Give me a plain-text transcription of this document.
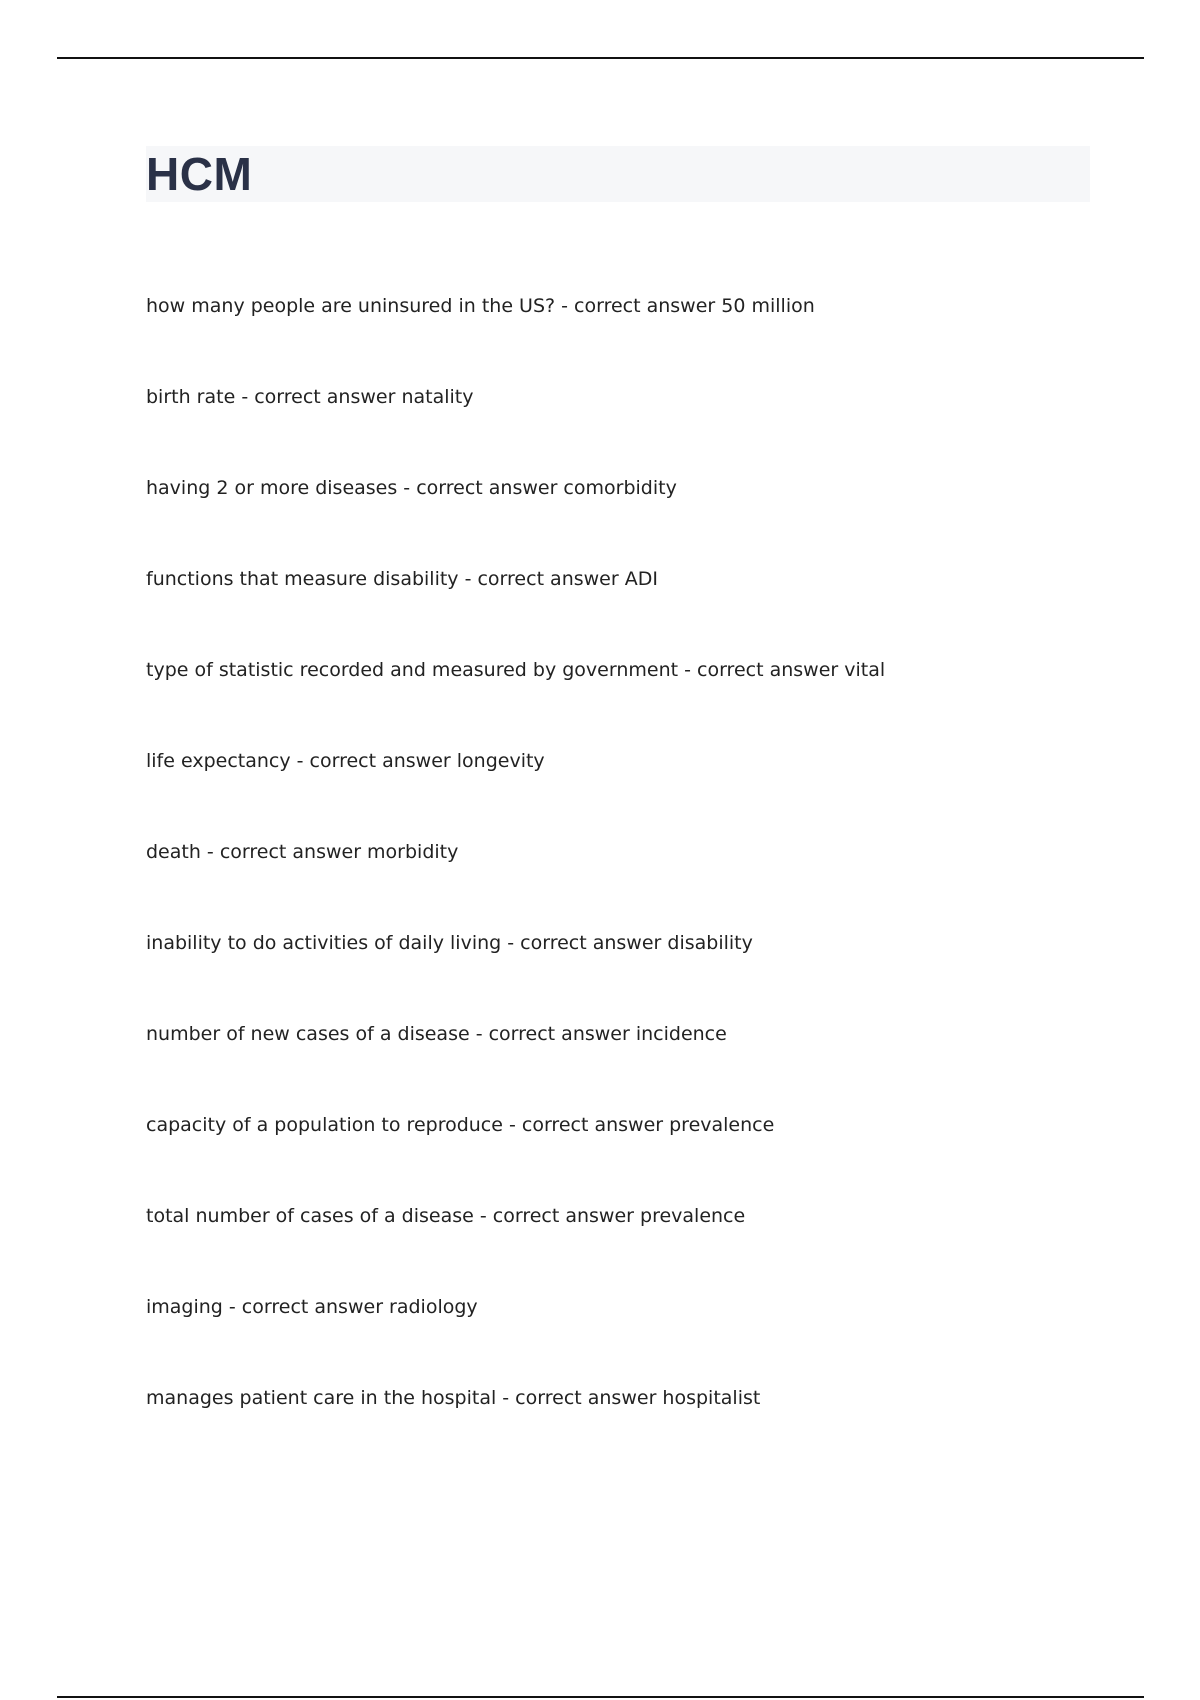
HCM
how many people are uninsured in the US? - correct answer 50 million
birth rate - correct answer natality
having 2 or more diseases - correct answer comorbidity
functions that measure disability - correct answer ADI
type of statistic recorded and measured by government - correct answer vital
life expectancy - correct answer longevity
death - correct answer morbidity
inability to do activities of daily living - correct answer disability
number of new cases of a disease - correct answer incidence
capacity of a population to reproduce - correct answer prevalence
total number of cases of a disease - correct answer prevalence
imaging - correct answer radiology
manages patient care in the hospital - correct answer hospitalist
